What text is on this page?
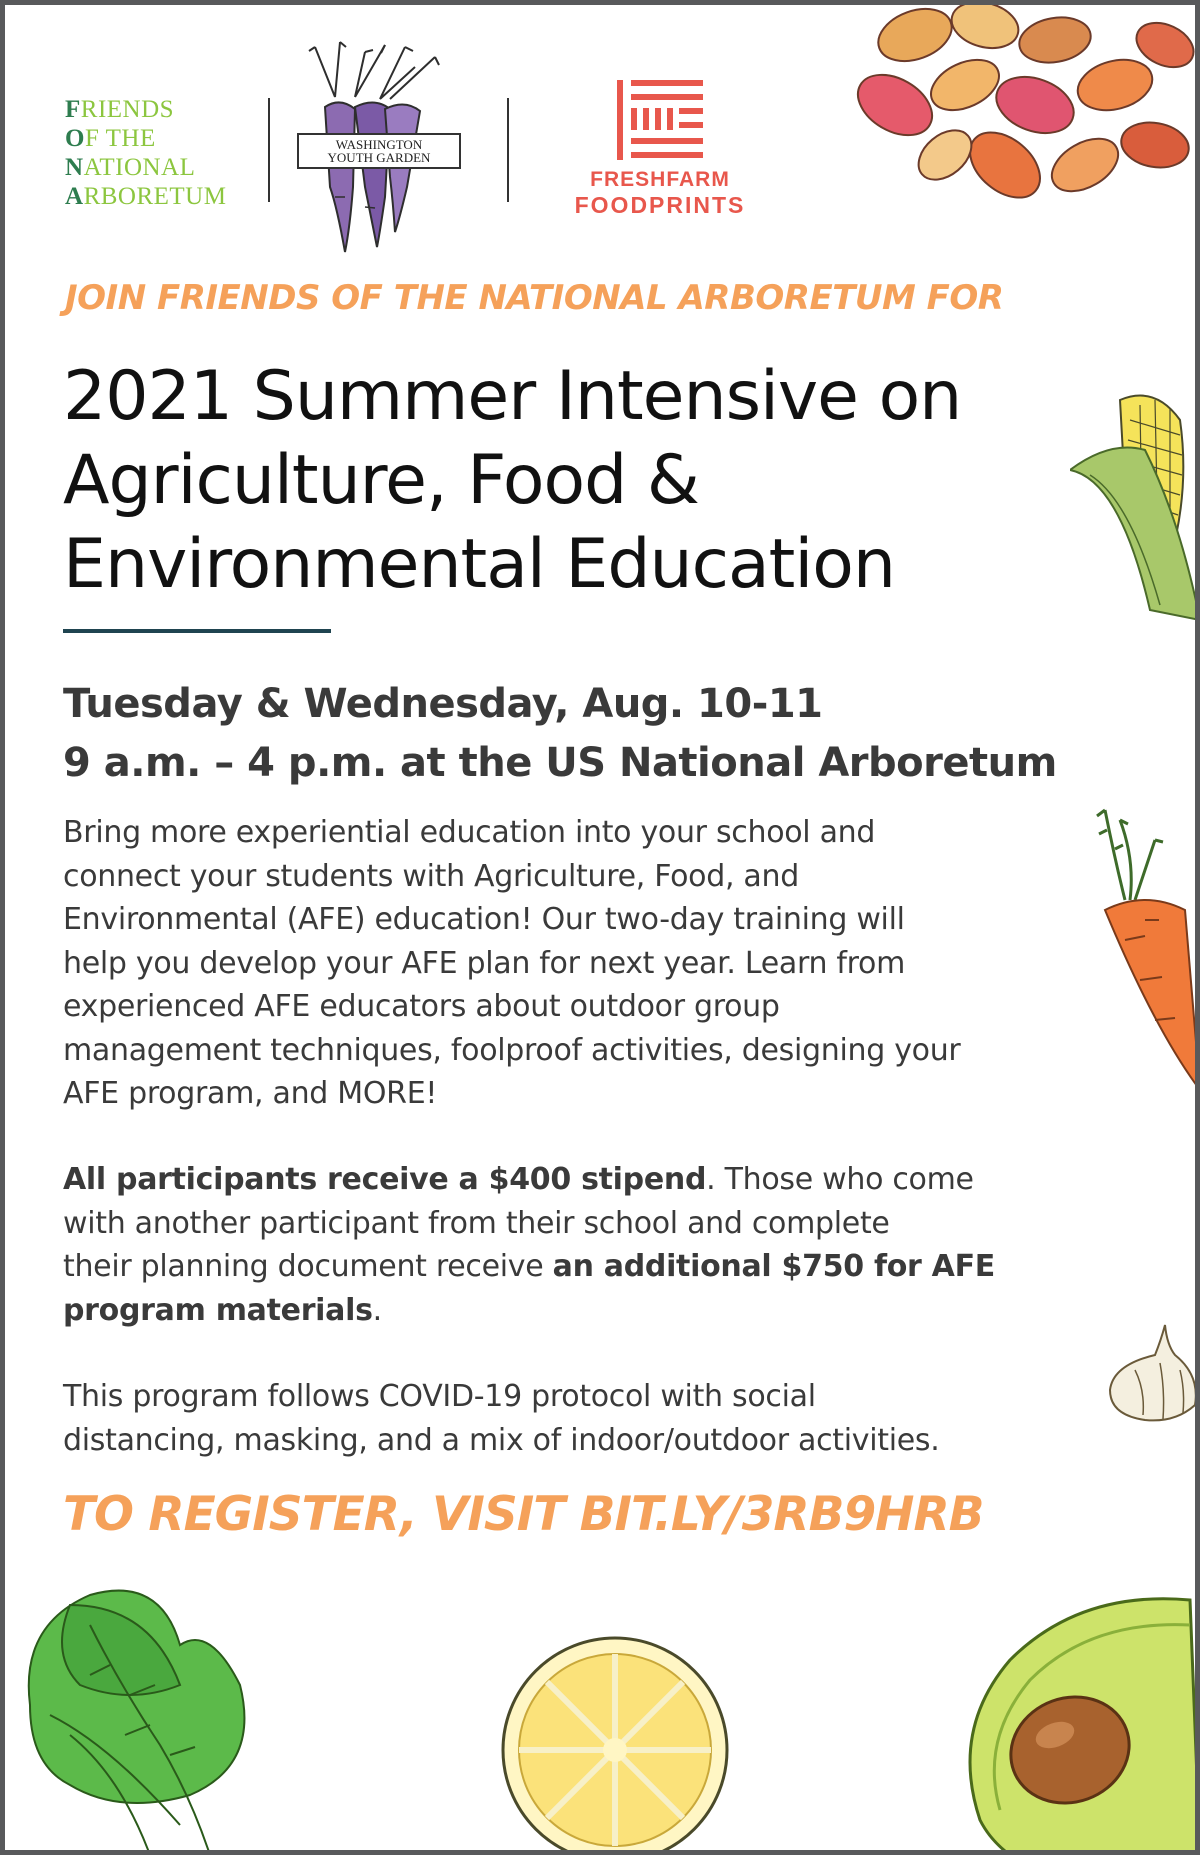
FRIENDS
OF THE
NATIONAL
ARBORETUM
WASHINGTON
YOUTH GARDEN
FRESHFARM
FOODPRINTS
JOIN FRIENDS OF THE NATIONAL ARBORETUM FOR
2021 Summer Intensive on
Agriculture, Food &
Environmental Education
Tuesday & Wednesday, Aug. 10-11
9 a.m. – 4 p.m. at the US National Arboretum
Bring more experiential education into your school and
connect your students with Agriculture, Food, and
Environmental (AFE) education! Our two-day training will
help you develop your AFE plan for next year. Learn from
experienced AFE educators about outdoor group
management techniques, foolproof activities, designing your
AFE program, and MORE!
All participants receive a $400 stipend. Those who come
with another participant from their school and complete
their planning document receive an additional $750 for AFE
program materials.
This program follows COVID-19 protocol with social
distancing, masking, and a mix of indoor/outdoor activities.
TO REGISTER, VISIT BIT.LY/3RB9HRB
